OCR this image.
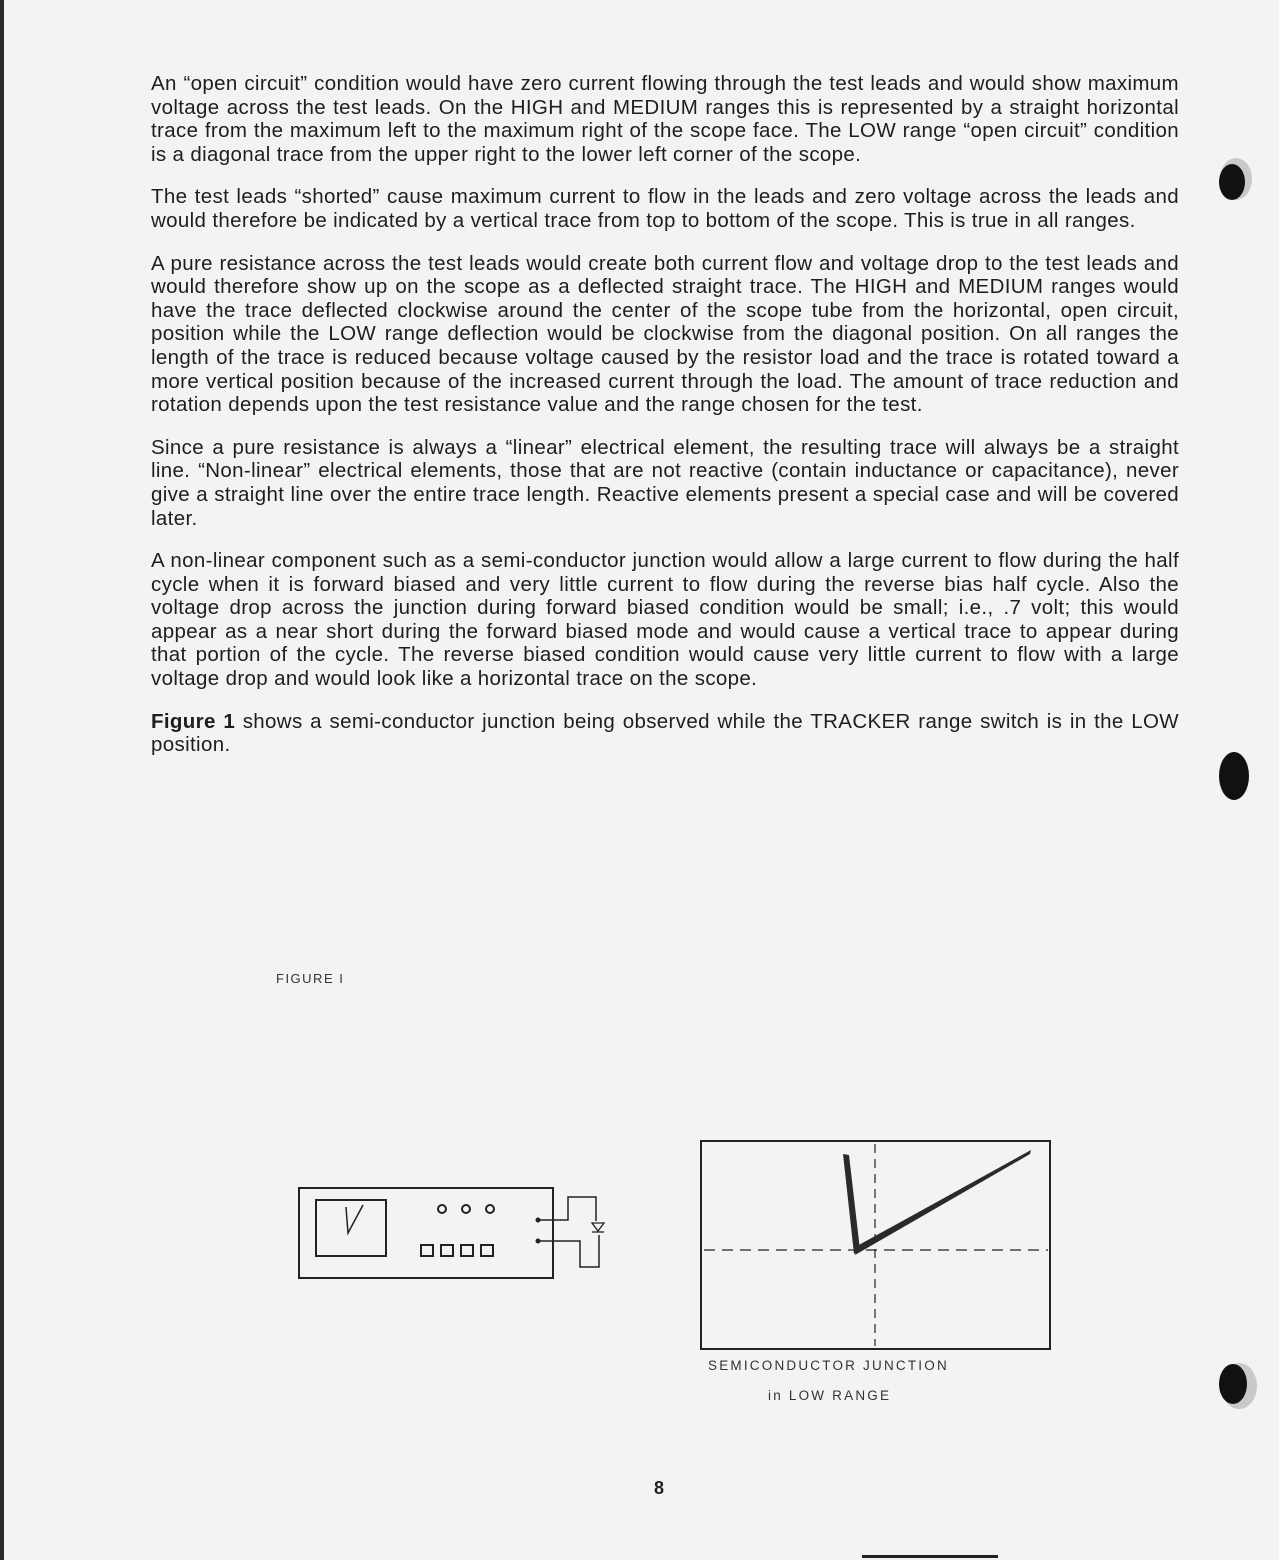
An “open circuit” condition would have zero current flowing through the test leads and would show maximum voltage across the test leads. On the HIGH and MEDIUM ranges this is represented by a straight horizontal trace from the maximum left to the maximum right of the scope face. The LOW range “open circuit” condition is a diagonal trace from the upper right to the lower left corner of the scope.

The test leads “shorted” cause maximum current to flow in the leads and zero voltage across the leads and would therefore be indicated by a vertical trace from top to bottom of the scope. This is true in all ranges.

A pure resistance across the test leads would create both current flow and voltage drop to the test leads and would therefore show up on the scope as a deflected straight trace. The HIGH and MEDIUM ranges would have the trace deflected clockwise around the center of the scope tube from the horizontal, open circuit, position while the LOW range deflection would be clockwise from the diagonal position. On all ranges the length of the trace is reduced because voltage caused by the resistor load and the trace is rotated toward a more vertical position because of the increased current through the load. The amount of trace reduction and rotation depends upon the test resistance value and the range chosen for the test.

Since a pure resistance is always a “linear” electrical element, the resulting trace will always be a straight line. “Non-linear” electrical elements, those that are not reactive (contain inductance or capacitance), never give a straight line over the entire trace length. Reactive elements present a special case and will be covered later.

A non-linear component such as a semi-conductor junction would allow a large current to flow during the half cycle when it is forward biased and very little current to flow during the reverse bias half cycle. Also the voltage drop across the junction during forward biased condition would be small; i.e., .7 volt; this would appear as a near short during the forward biased mode and would cause a vertical trace to appear during that portion of the cycle. The reverse biased condition would cause very little current to flow with a large voltage drop and would look like a horizontal trace on the scope.

Figure 1 shows a semi-conductor junction being observed while the TRACKER range switch is in the LOW position.

FIGURE I
SEMICONDUCTOR JUNCTION
in LOW RANGE
8
